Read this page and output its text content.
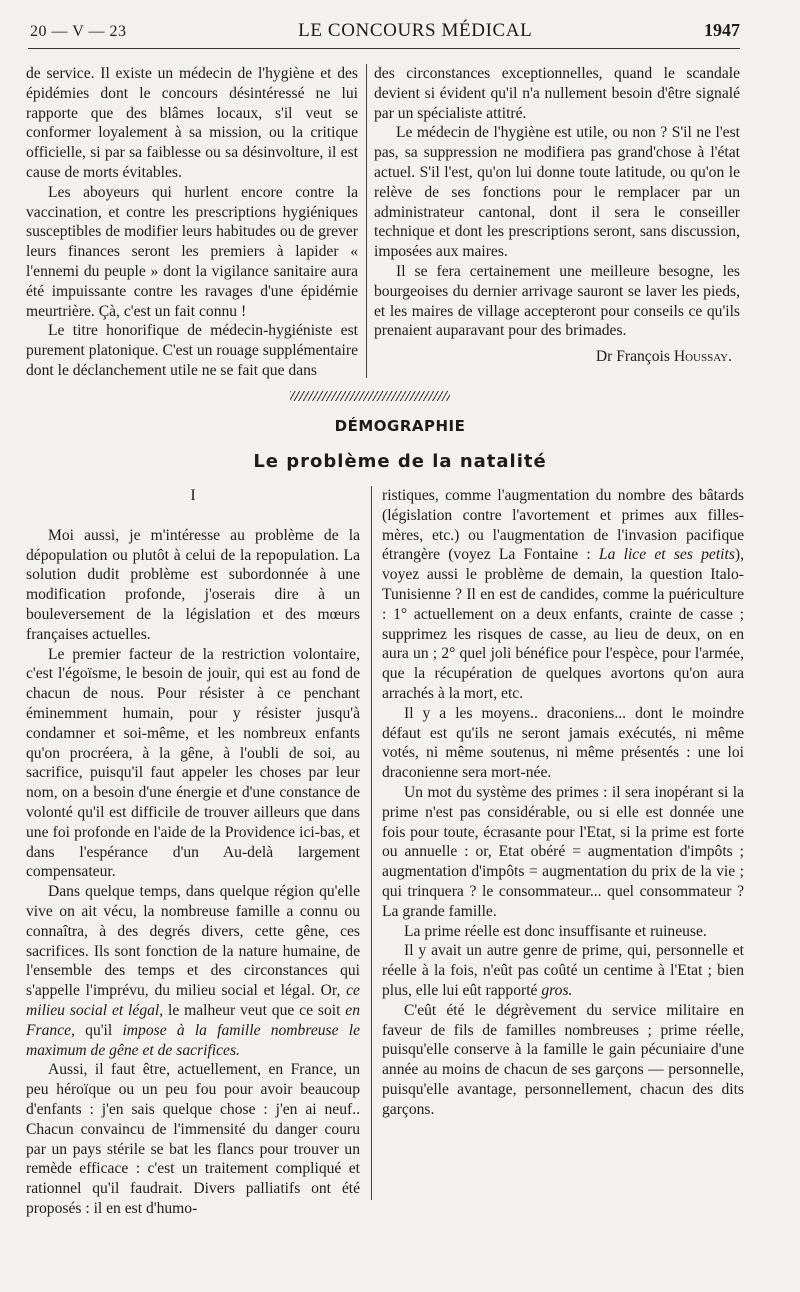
20 — V — 23	LE CONCOURS MÉDICAL	1947

de service. Il existe un médecin de l'hygiène et des épidémies dont le concours désintéressé ne lui rapporte que des blâmes locaux, s'il veut se conformer loyalement à sa mission, ou la critique officielle, si par sa faiblesse ou sa désinvolture, il est cause de morts évitables.

Les aboyeurs qui hurlent encore contre la vaccination, et contre les prescriptions hygiéniques susceptibles de modifier leurs habitudes ou de grever leurs finances seront les premiers à lapider « l'ennemi du peuple » dont la vigilance sanitaire aura été impuissante contre les ravages d'une épidémie meurtrière. Çà, c'est un fait connu !

Le titre honorifique de médecin-hygiéniste est purement platonique. C'est un rouage supplémentaire dont le déclanchement utile ne se fait que dans

des circonstances exceptionnelles, quand le scandale devient si évident qu'il n'a nullement besoin d'être signalé par un spécialiste attitré.

Le médecin de l'hygiène est utile, ou non ? S'il ne l'est pas, sa suppression ne modifiera pas grand'chose à l'état actuel. S'il l'est, qu'on lui donne toute latitude, ou qu'on le relève de ses fonctions pour le remplacer par un administrateur cantonal, dont il sera le conseiller technique et dont les prescriptions seront, sans discussion, imposées aux maires.

Il se fera certainement une meilleure besogne, les bourgeoises du dernier arrivage sauront se laver les pieds, et les maires de village accepteront pour conseils ce qu'ils prenaient auparavant pour des brimades.

Dr François Houssay.
DÉMOGRAPHIE
Le problème de la natalité
I

Moi aussi, je m'intéresse au problème de la dépopulation ou plutôt à celui de la repopulation. La solution dudit problème est subordonnée à une modification profonde, j'oserais dire à un bouleversement de la législation et des mœurs françaises actuelles.

Le premier facteur de la restriction volontaire, c'est l'égoïsme, le besoin de jouir, qui est au fond de chacun de nous. Pour résister à ce penchant éminemment humain, pour y résister jusqu'à condamner et soi-même, et les nombreux enfants qu'on procréera, à la gêne, à l'oubli de soi, au sacrifice, puisqu'il faut appeler les choses par leur nom, on a besoin d'une énergie et d'une constance de volonté qu'il est difficile de trouver ailleurs que dans une foi profonde en l'aide de la Providence ici-bas, et dans l'espérance d'un Au-delà largement compensateur.

Dans quelque temps, dans quelque région qu'elle vive on ait vécu, la nombreuse famille a connu ou connaîtra, à des degrés divers, cette gêne, ces sacrifices. Ils sont fonction de la nature humaine, de l'ensemble des temps et des circonstances qui s'appelle l'imprévu, du milieu social et légal. Or, ce milieu social et légal, le malheur veut que ce soit en France, qu'il impose à la famille nombreuse le maximum de gêne et de sacrifices.

Aussi, il faut être, actuellement, en France, un peu héroïque ou un peu fou pour avoir beaucoup d'enfants : j'en sais quelque chose : j'en ai neuf.. Chacun convaincu de l'immensité du danger couru par un pays stérile se bat les flancs pour trouver un remède efficace : c'est un traitement compliqué et rationnel qu'il faudrait. Divers palliatifs ont été proposés : il en est d'humo-

ristiques, comme l'augmentation du nombre des bâtards (législation contre l'avortement et primes aux filles-mères, etc.) ou l'augmentation de l'invasion pacifique étrangère (voyez La Fontaine : La lice et ses petits), voyez aussi le problème de demain, la question Italo-Tunisienne ? Il en est de candides, comme la puériculture : 1° actuellement on a deux enfants, crainte de casse ; supprimez les risques de casse, au lieu de deux, on en aura un ; 2° quel joli bénéfice pour l'espèce, pour l'armée, que la récupération de quelques avortons qu'on aura arrachés à la mort, etc.

Il y a les moyens.. draconiens... dont le moindre défaut est qu'ils ne seront jamais exécutés, ni même votés, ni même soutenus, ni même présentés : une loi draconienne sera mort-née.

Un mot du système des primes : il sera inopérant si la prime n'est pas considérable, ou si elle est donnée une fois pour toute, écrasante pour l'Etat, si la prime est forte ou annuelle : or, Etat obéré = augmentation d'impôts ; augmentation d'impôts = augmentation du prix de la vie ; qui trinquera ? le consommateur... quel consommateur ? La grande famille.

La prime réelle est donc insuffisante et ruineuse.

Il y avait un autre genre de prime, qui, personnelle et réelle à la fois, n'eût pas coûté un centime à l'Etat ; bien plus, elle lui eût rapporté gros.

C'eût été le dégrèvement du service militaire en faveur de fils de familles nombreuses ; prime réelle, puisqu'elle conserve à la famille le gain pécuniaire d'une année au moins de chacun de ses garçons — personnelle, puisqu'elle avantage, personnellement, chacun des dits garçons.
